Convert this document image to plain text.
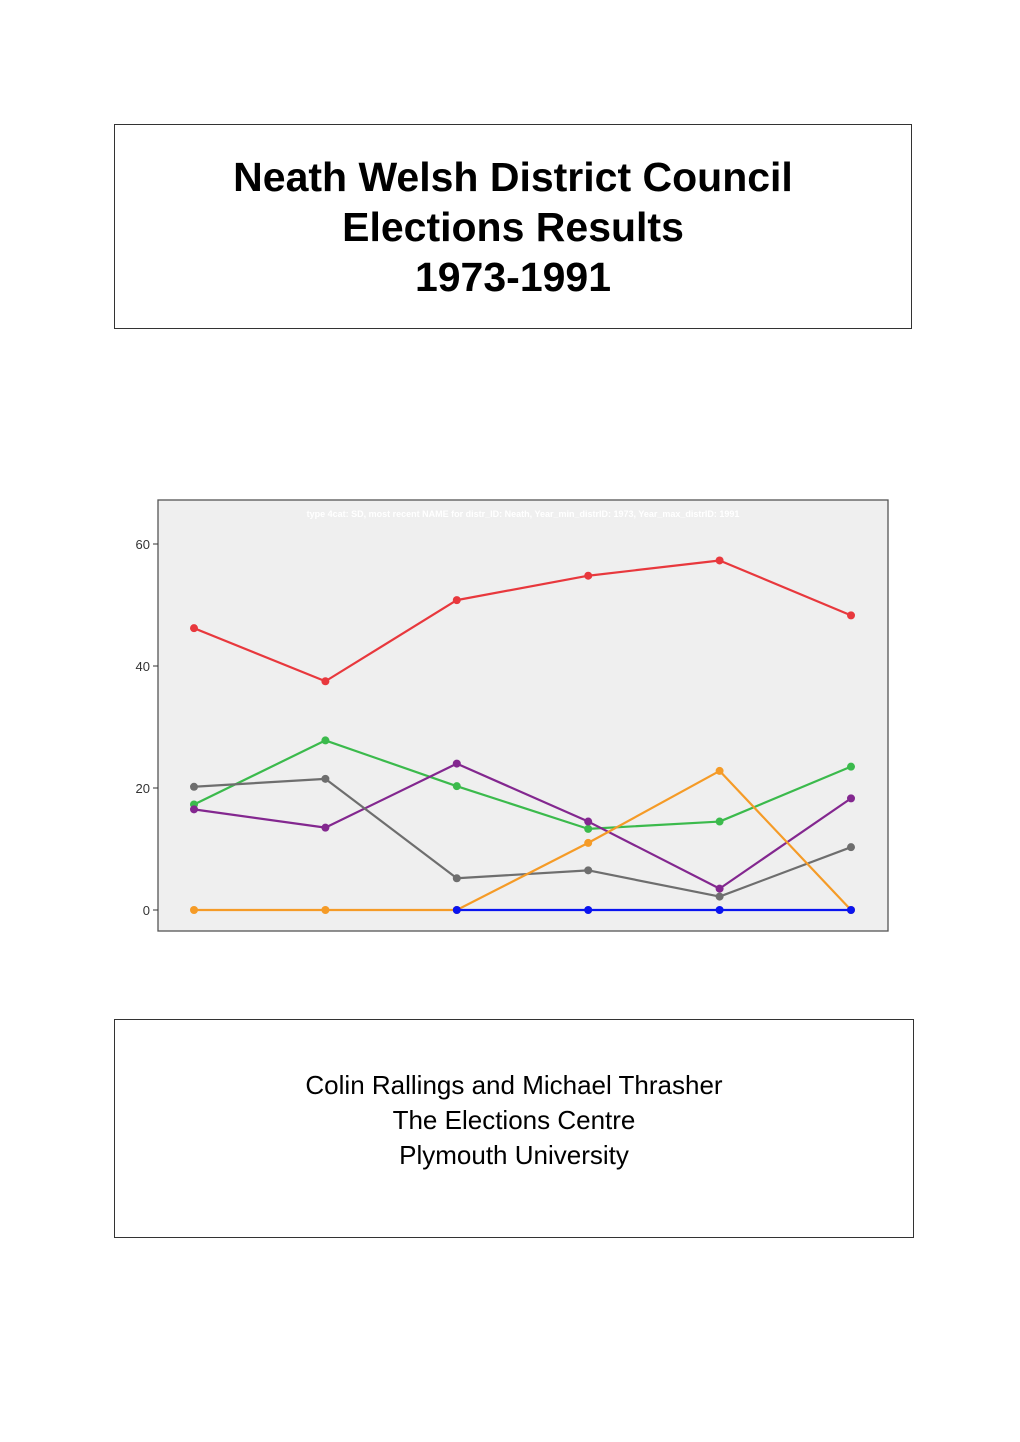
Neath Welsh District Council
Elections Results
1973-1991
type 4cat: SD, most recent NAME for distr_ID: Neath, Year_min_distrID: 1973, Year_max_distrID: 1991
0
20
40
60
Colin Rallings and Michael Thrasher
The Elections Centre
Plymouth University
